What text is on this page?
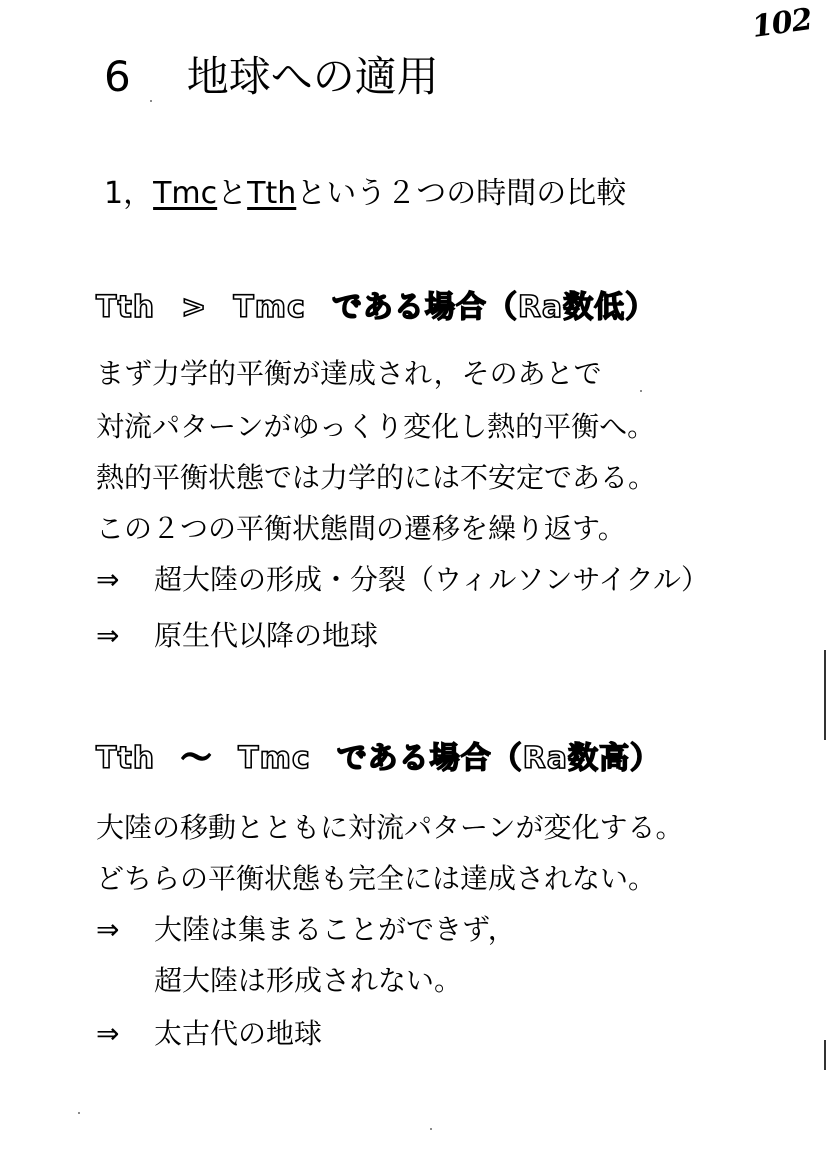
102
6 地球への適用
1，TmcとTthという２つの時間の比較
Tth > Tmc である場合（Ra数低）
まず力学的平衡が達成され，そのあとで
対流パターンがゆっくり変化し熱的平衡へ。
熱的平衡状態では力学的には不安定である。
この２つの平衡状態間の遷移を繰り返す。
⇒ 超大陸の形成・分裂（ウィルソンサイクル）
⇒ 原生代以降の地球
Tth 〜 Tmc である場合（Ra数高）
大陸の移動とともに対流パターンが変化する。
どちらの平衡状態も完全には達成されない。
⇒ 大陸は集まることができず，
超大陸は形成されない。
⇒ 太古代の地球
